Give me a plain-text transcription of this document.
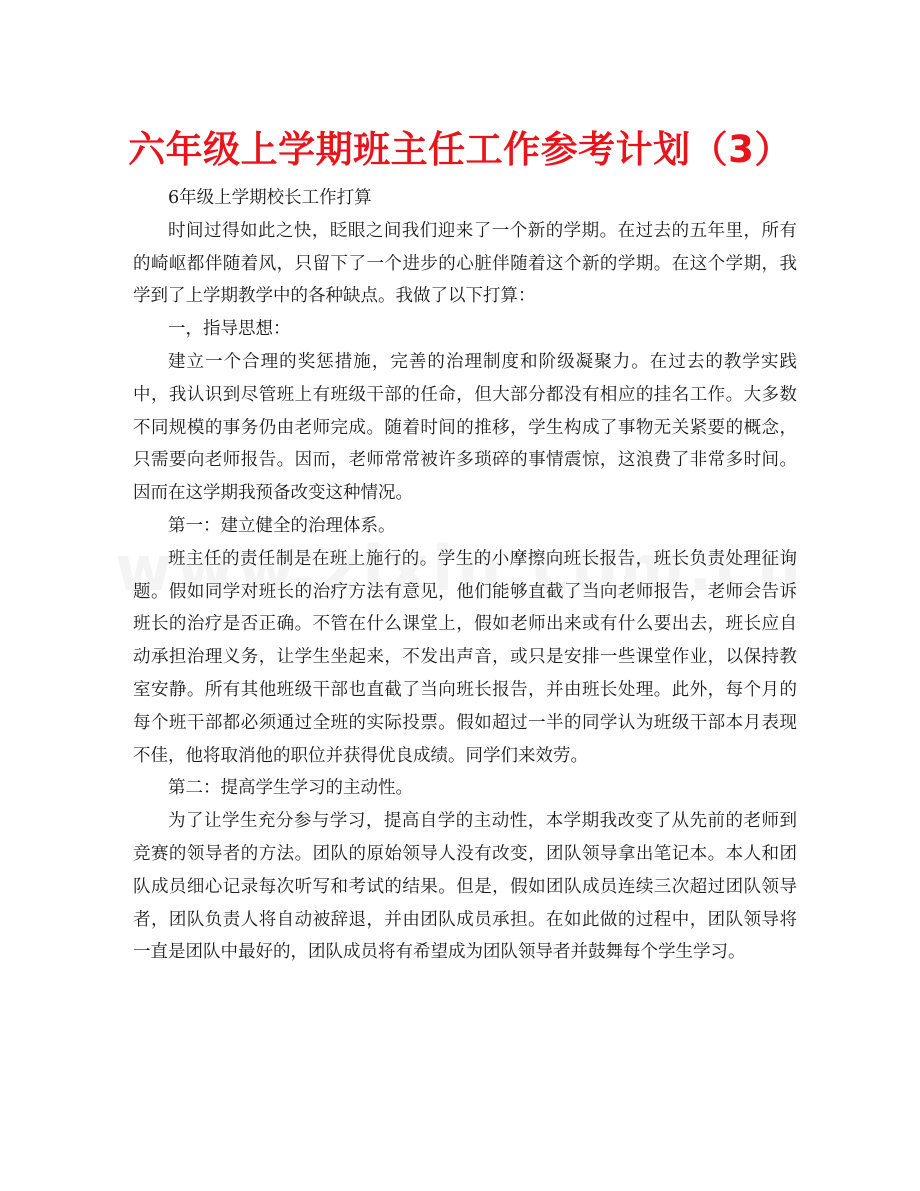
六年级上学期班主任工作参考计划（3）

6年级上学期校长工作打算

时间过得如此之快，眨眼之间我们迎来了一个新的学期。在过去的五年里，所有的崎岖都伴随着风，只留下了一个进步的心脏伴随着这个新的学期。在这个学期，我学到了上学期教学中的各种缺点。我做了以下打算：

一，指导思想：

建立一个合理的奖惩措施，完善的治理制度和阶级凝聚力。在过去的教学实践中，我认识到尽管班上有班级干部的任命，但大部分都没有相应的挂名工作。大多数不同规模的事务仍由老师完成。随着时间的推移，学生构成了事物无关紧要的概念，只需要向老师报告。因而，老师常常被许多琐碎的事情震惊，这浪费了非常多时间。因而在这学期我预备改变这种情况。

第一：建立健全的治理体系。

班主任的责任制是在班上施行的。学生的小摩擦向班长报告，班长负责处理征询题。假如同学对班长的治疗方法有意见，他们能够直截了当向老师报告，老师会告诉班长的治疗是否正确。不管在什么课堂上，假如老师出来或有什么要出去，班长应自动承担治理义务，让学生坐起来，不发出声音，或只是安排一些课堂作业，以保持教室安静。所有其他班级干部也直截了当向班长报告，并由班长处理。此外，每个月的每个班干部都必须通过全班的实际投票。假如超过一半的同学认为班级干部本月表现不佳，他将取消他的职位并获得优良成绩。同学们来效劳。

第二：提高学生学习的主动性。

为了让学生充分参与学习，提高自学的主动性，本学期我改变了从先前的老师到竞赛的领导者的方法。团队的原始领导人没有改变，团队领导拿出笔记本。本人和团队成员细心记录每次听写和考试的结果。但是，假如团队成员连续三次超过团队领导者，团队负责人将自动被辞退，并由团队成员承担。在如此做的过程中，团队领导将一直是团队中最好的，团队成员将有希望成为团队领导者并鼓舞每个学生学习。
